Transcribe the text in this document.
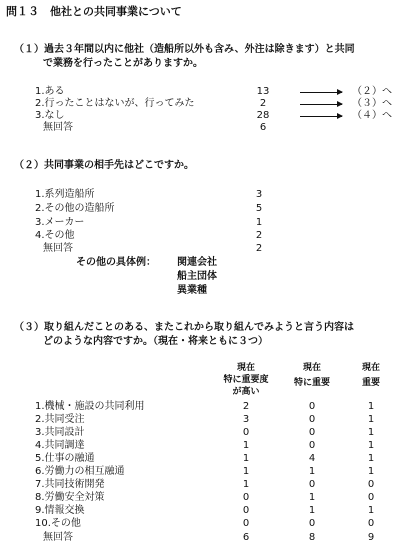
問１３　他社との共同事業について
（１）過去３年間以内に他社（造船所以外も含み、外注は除きます）と共同
で業務を行ったことがありますか。
1.ある	13	（２）へ
2.行ったことはないが、行ってみた	2	（３）へ
3.なし	28	（４）へ
無回答	6
（２）共同事業の相手先はどこですか。
1.系列造船所	3
2.その他の造船所	5
3.メーカー	1
4.その他	2
無回答	2
その他の具体例： 関連会社
船主団体
異業種
（３）取り組んだことのある、またこれから取り組んでみようと言う内容は
どのような内容ですか。（現在・将来ともに３つ）
現在
特に重要度
が高い
現在
特に重要
現在
重要
1.機械・施設の共同利用	2	0	1
2.共同受注	3	0	1
3.共同設計	0	0	1
4.共同調達	1	0	1
5.仕事の融通	1	4	1
6.労働力の相互融通	1	1	1
7.共同技術開発	1	0	0
8.労働安全対策	0	1	0
9.情報交換	0	1	1
10.その他	0	0	0
無回答	6	8	9
